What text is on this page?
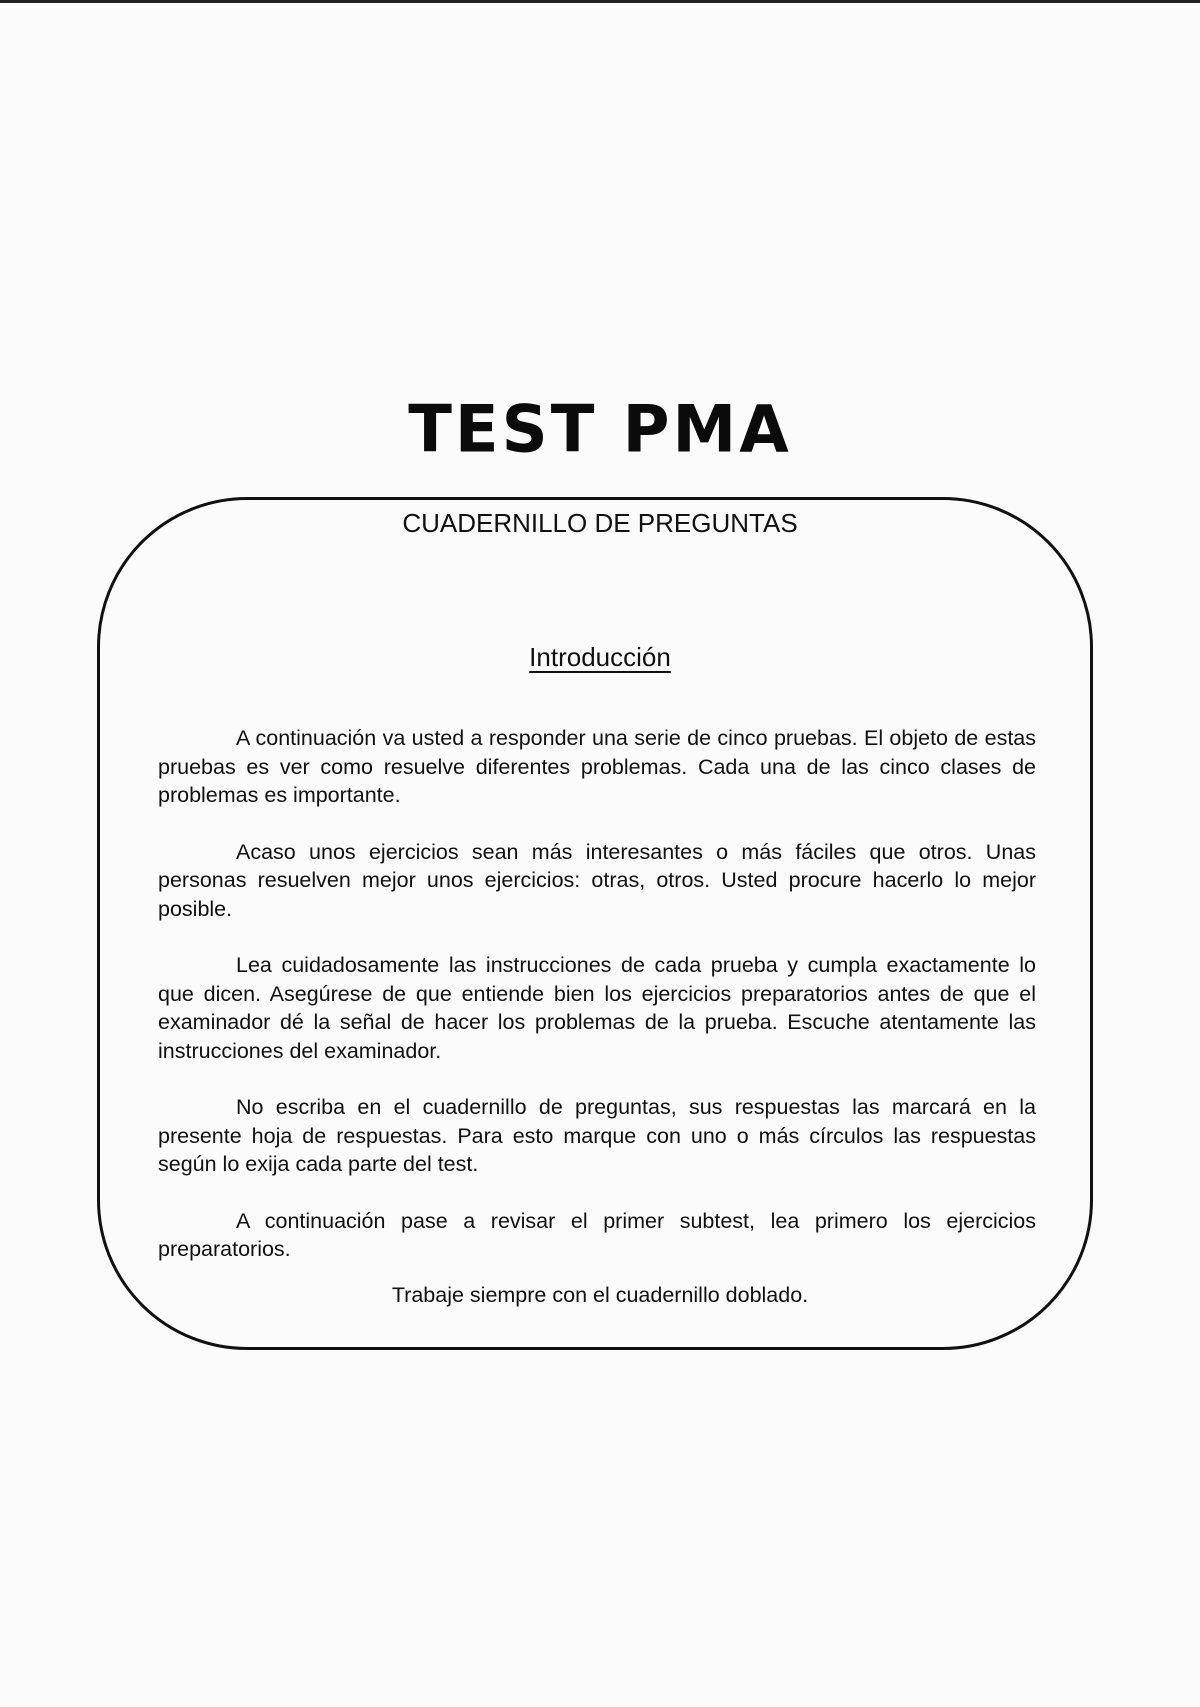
TEST PMA
CUADERNILLO DE PREGUNTAS
Introducción

A continuación va usted a responder una serie de cinco pruebas. El objeto de estas pruebas es ver como resuelve diferentes problemas. Cada una de las cinco clases de problemas es importante.

Acaso unos ejercicios sean más interesantes o más fáciles que otros. Unas personas resuelven mejor unos ejercicios: otras, otros. Usted procure hacerlo lo mejor posible.

Lea cuidadosamente las instrucciones de cada prueba y cumpla exactamente lo que dicen. Asegúrese de que entiende bien los ejercicios preparatorios antes de que el examinador dé la señal de hacer los problemas de la prueba. Escuche atentamente las instrucciones del examinador.

No escriba en el cuadernillo de preguntas, sus respuestas las marcará en la presente hoja de respuestas. Para esto marque con uno o más círculos las respuestas según lo exija cada parte del test.

A continuación pase a revisar el primer subtest, lea primero los ejercicios preparatorios.

Trabaje siempre con el cuadernillo doblado.
